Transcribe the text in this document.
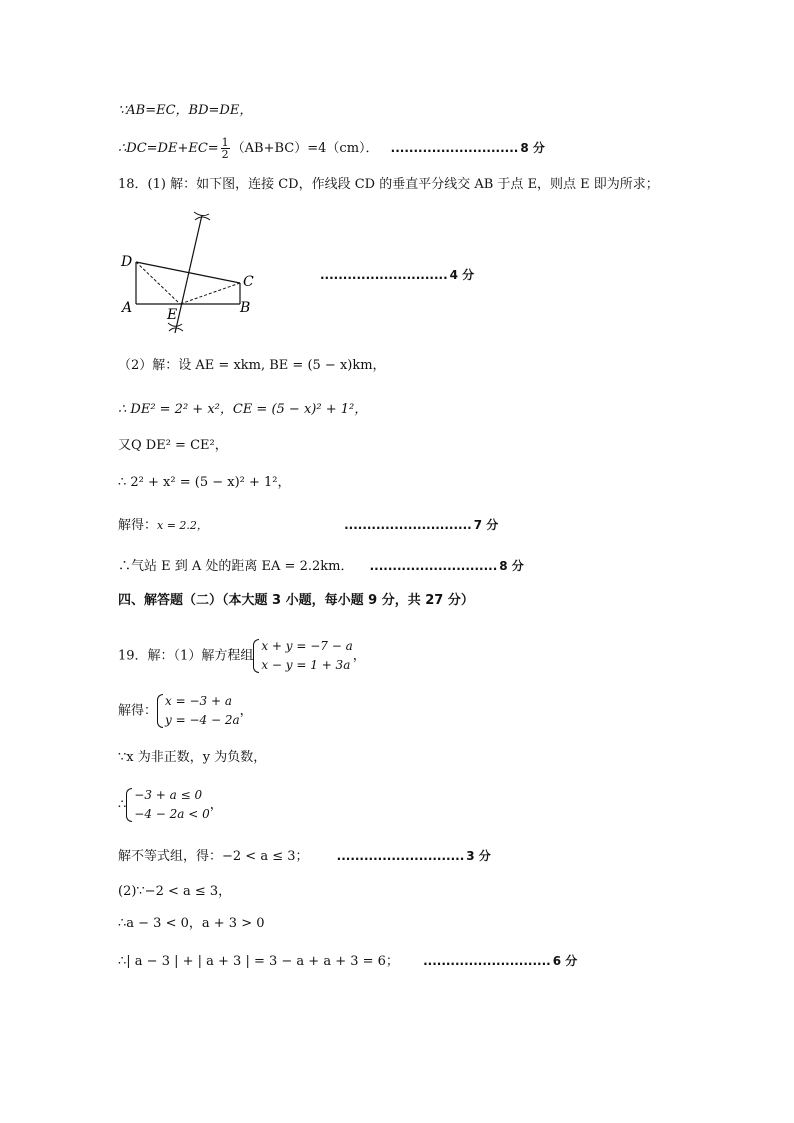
∵AB=EC，BD=DE，
∴DC=DE+EC= $\frac{1}{2} (AB+BC)=4(cm)$． ............................ 8 分
18．(1) 解：如下图，连接 CD，作线段 CD 的垂直平分线交 AB 于点 E，则点 E 即为所求；
D
C
A	B
E
............................ 4 分
（2）解：设 AE = xkm, BE = (5 − x)km，
∴ DE² = 2² + x²，CE = (5 − x)² + 1²，
又Q DE² = CE²，
∴ 2² + x² = (5 − x)² + 1²，
解得：x = 2.2，	............................ 7 分
∴气站 E 到 A 处的距离 EA = 2.2km． ............................ 8 分
四、解答题（二）（本大题 3 小题，每小题 9 分，共 27 分）
19．解：（1）解方程组
x + y = −7 − a
x − y = 1 + 3a
，
解得：
x = −3 + a
y = −4 − 2a
，
∵x 为非正数，y 为负数，
∴
−3 + a ≤ 0
−4 − 2a < 0
，
解不等式组，得：−2 < a ≤ 3； ............................ 3 分
(2)∵−2 < a ≤ 3，
∴a − 3 < 0，a + 3 > 0
∴| a − 3 | + | a + 3 | = 3 − a + a + 3 = 6； ............................ 6 分
